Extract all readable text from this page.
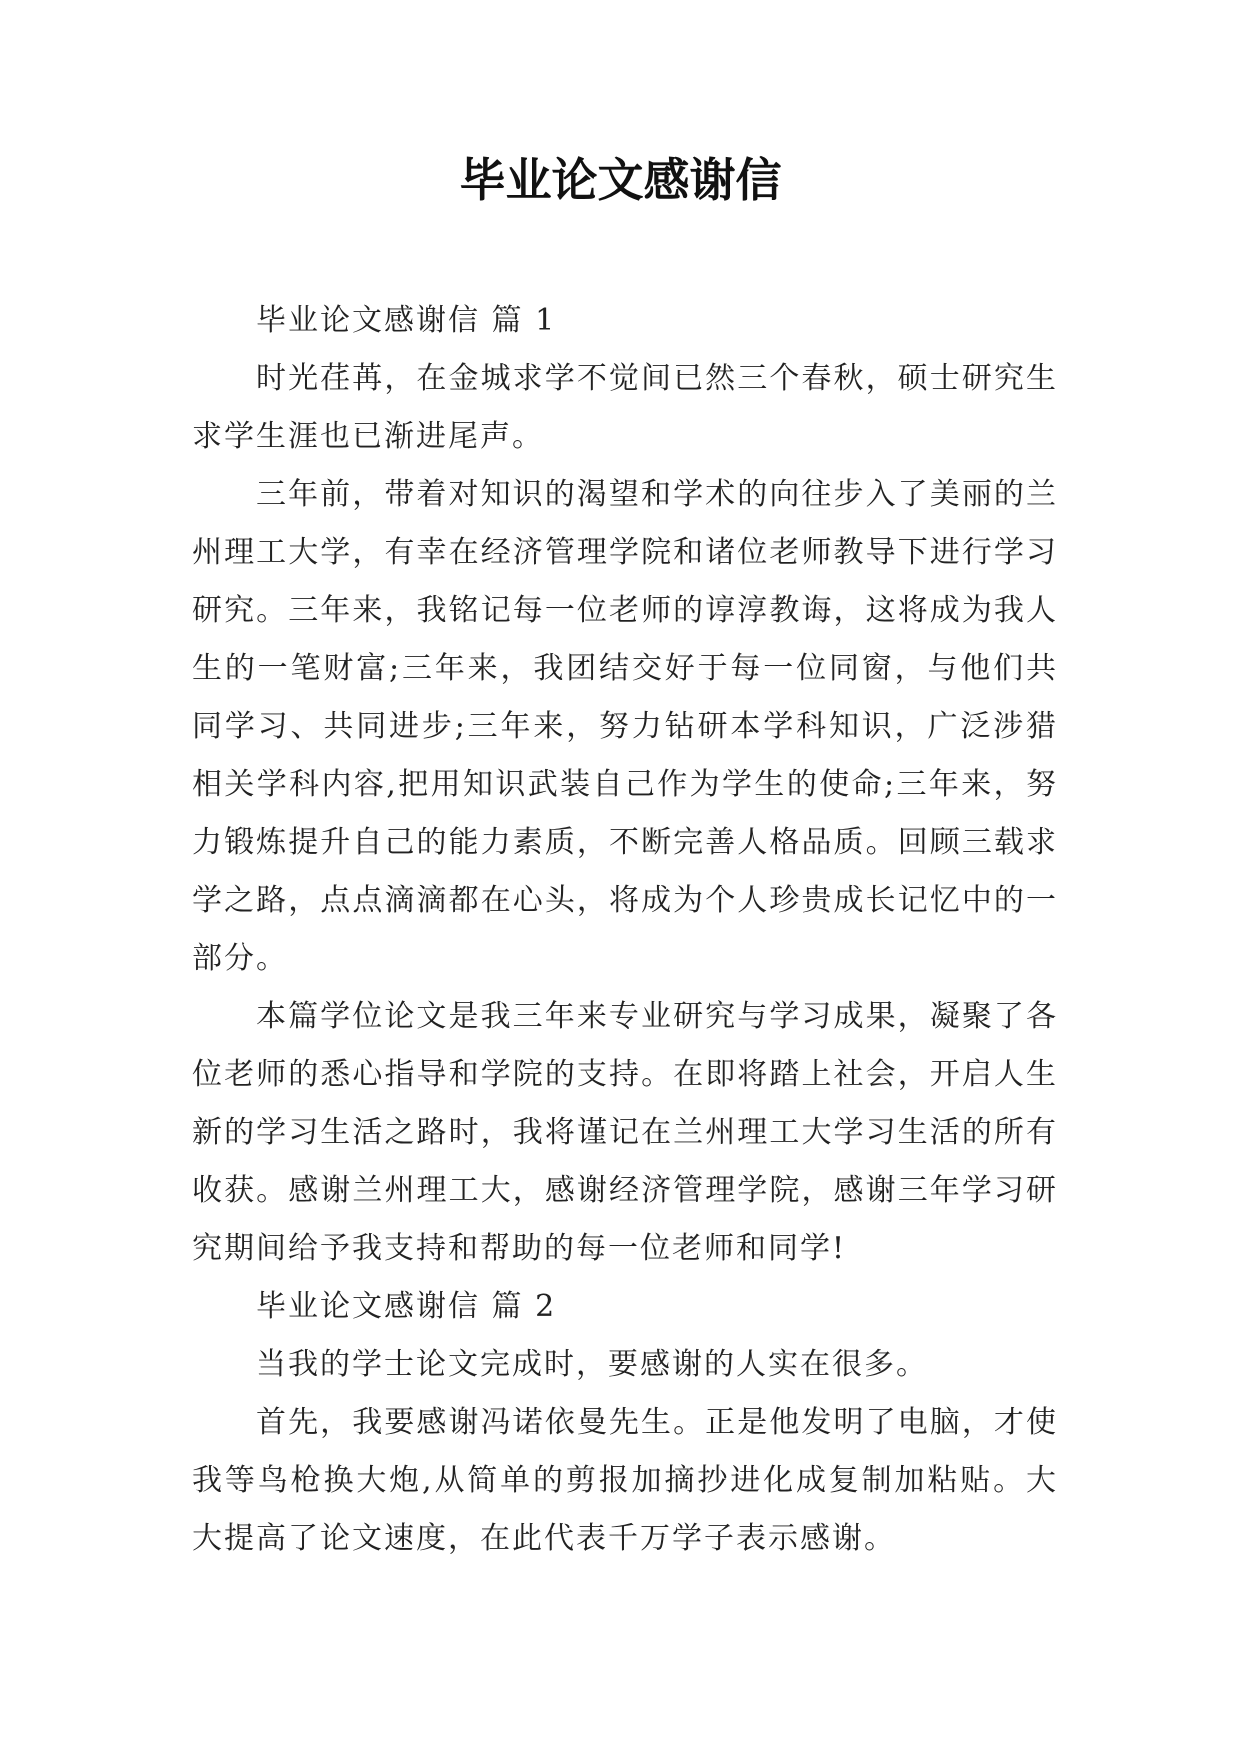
毕业论文感谢信

毕业论文感谢信 篇 1

时光荏苒，在金城求学不觉间已然三个春秋，硕士研究生求学生涯也已渐进尾声。

三年前，带着对知识的渴望和学术的向往步入了美丽的兰州理工大学，有幸在经济管理学院和诸位老师教导下进行学习研究。三年来，我铭记每一位老师的谆淳教诲，这将成为我人生的一笔财富;三年来，我团结交好于每一位同窗，与他们共同学习、共同进步;三年来，努力钻研本学科知识，广泛涉猎相关学科内容,把用知识武装自己作为学生的使命;三年来，努力锻炼提升自己的能力素质，不断完善人格品质。回顾三载求学之路，点点滴滴都在心头，将成为个人珍贵成长记忆中的一部分。

本篇学位论文是我三年来专业研究与学习成果，凝聚了各位老师的悉心指导和学院的支持。在即将踏上社会，开启人生新的学习生活之路时，我将谨记在兰州理工大学习生活的所有收获。感谢兰州理工大，感谢经济管理学院，感谢三年学习研究期间给予我支持和帮助的每一位老师和同学!

毕业论文感谢信 篇 2

当我的学士论文完成时，要感谢的人实在很多。

首先，我要感谢冯诺依曼先生。正是他发明了电脑，才使我等鸟枪换大炮,从简单的剪报加摘抄进化成复制加粘贴。大大提高了论文速度，在此代表千万学子表示感谢。
